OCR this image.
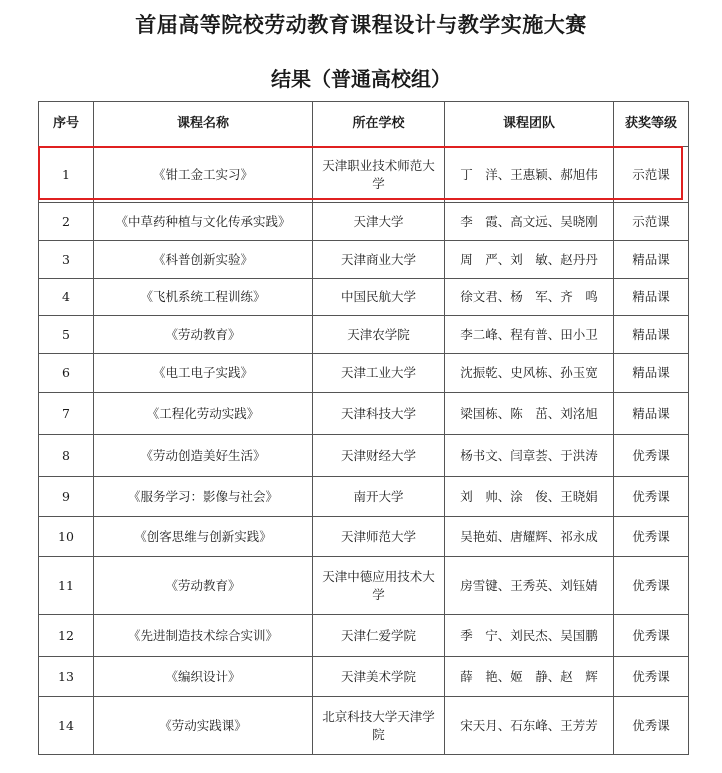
首届高等院校劳动教育课程设计与教学实施大赛
结果（普通高校组）
序号	课程名称	所在学校	课程团队	获奖等级
1	《钳工金工实习》	天津职业技术师范大学	丁　洋、王惠颖、郝旭伟	示范课
2	《中草药种植与文化传承实践》	天津大学	李　霞、高文远、吴晓刚	示范课
3	《科普创新实验》	天津商业大学	周　严、刘　敏、赵丹丹	精品课
4	《飞机系统工程训练》	中国民航大学	徐文君、杨　军、齐　鸣	精品课
5	《劳动教育》	天津农学院	李二峰、程有普、田小卫	精品课
6	《电工电子实践》	天津工业大学	沈振乾、史风栋、孙玉宽	精品课
7	《工程化劳动实践》	天津科技大学	梁国栋、陈　茁、刘洺旭	精品课
8	《劳动创造美好生活》	天津财经大学	杨书文、闫章荟、于洪涛	优秀课
9	《服务学习：影像与社会》	南开大学	刘　帅、涂　俊、王晓娟	优秀课
10	《创客思维与创新实践》	天津师范大学	吴艳茹、唐耀辉、祁永成	优秀课
11	《劳动教育》	天津中德应用技术大学	房雪键、王秀英、刘钰婧	优秀课
12	《先进制造技术综合实训》	天津仁爱学院	季　宁、刘民杰、吴国鹏	优秀课
13	《编织设计》	天津美术学院	薛　艳、姬　静、赵　辉	优秀课
14	《劳动实践课》	北京科技大学天津学院	宋天月、石东峰、王芳芳	优秀课
